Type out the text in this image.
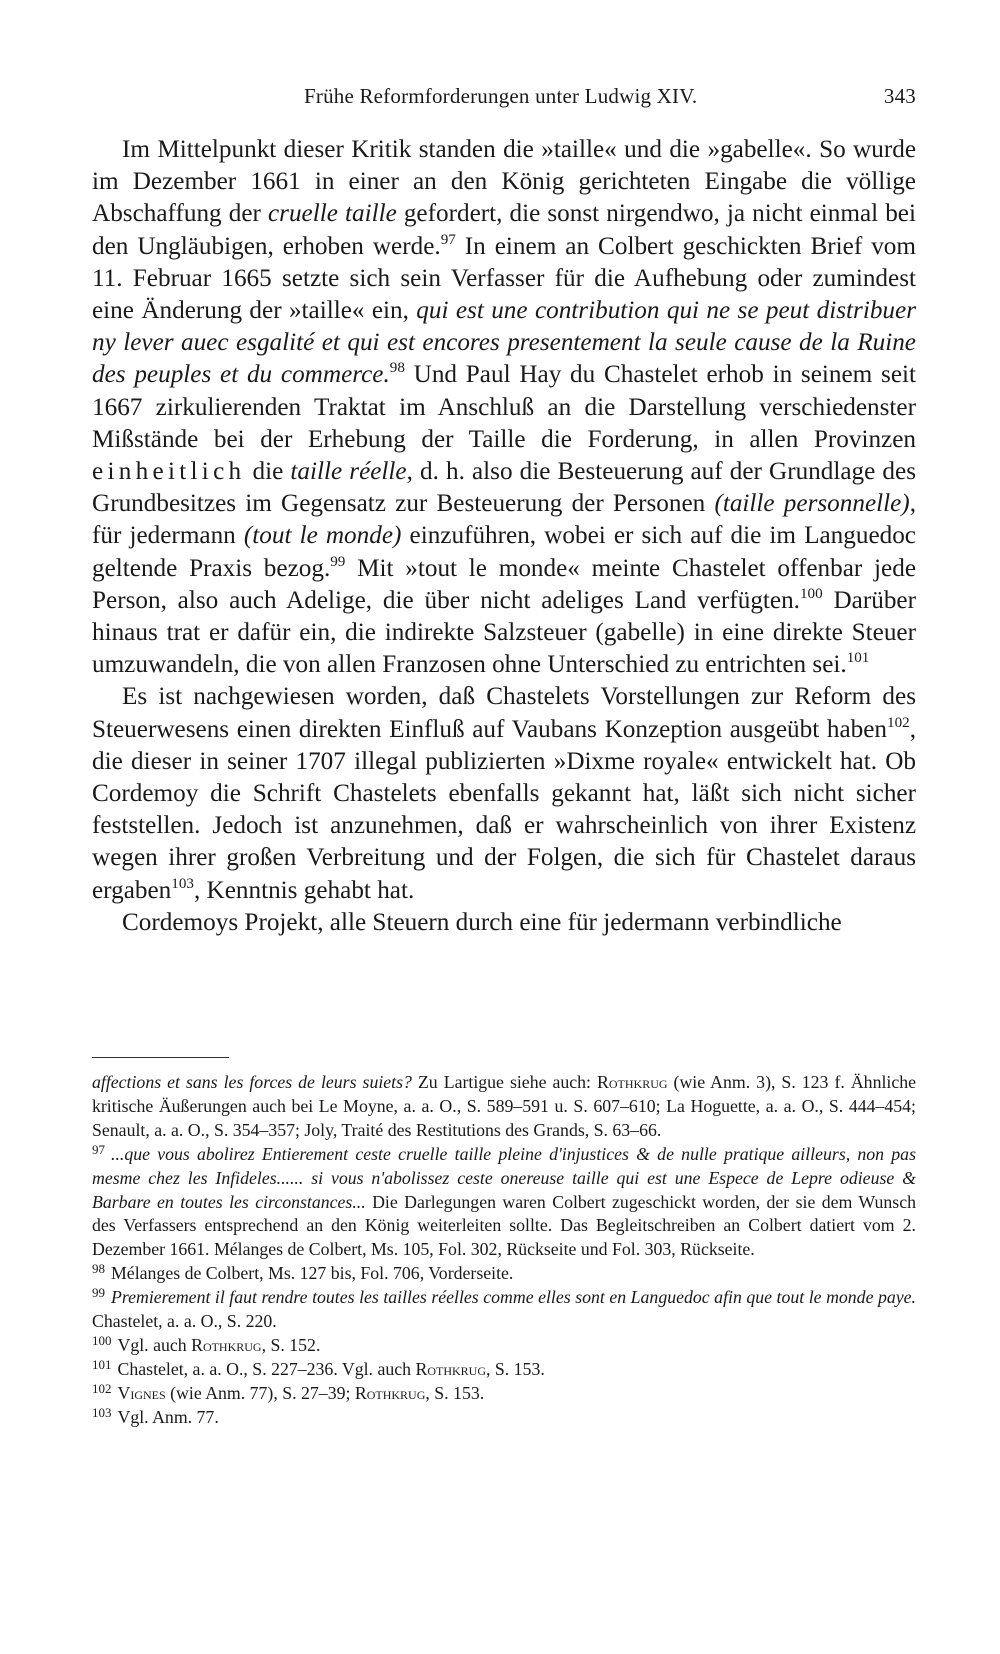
Frühe Reformforderungen unter Ludwig XIV.	343

Im Mittelpunkt dieser Kritik standen die »taille« und die »gabelle«. So wurde im Dezember 1661 in einer an den König gerichteten Eingabe die völlige Abschaffung der cruelle taille gefordert, die sonst nirgendwo, ja nicht einmal bei den Ungläubigen, erhoben werde.$^{97}$ In einem an Colbert geschickten Brief vom 11. Februar 1665 setzte sich sein Verfasser für die Aufhebung oder zumindest eine Änderung der »taille« ein, qui est une contribution qui ne se peut distribuer ny lever auec esgalité et qui est encores presentement la seule cause de la Ruine des peuples et du commerce.$^{98}$ Und Paul Hay du Chastelet erhob in seinem seit 1667 zirkulierenden Traktat im Anschluß an die Darstellung verschiedenster Mißstände bei der Erhebung der Taille die Forderung, in allen Provinzen einheitlich die taille réelle, d. h. also die Besteuerung auf der Grundlage des Grundbesitzes im Gegensatz zur Besteuerung der Personen (taille personnelle), für jedermann (tout le monde) einzuführen, wobei er sich auf die im Languedoc geltende Praxis bezog.$^{99}$ Mit »tout le monde« meinte Chastelet offenbar jede Person, also auch Adelige, die über nicht adeliges Land verfügten.$^{100}$ Darüber hinaus trat er dafür ein, die indirekte Salzsteuer (gabelle) in eine direkte Steuer umzuwandeln, die von allen Franzosen ohne Unterschied zu entrichten sei.$^{101}$

Es ist nachgewiesen worden, daß Chastelets Vorstellungen zur Reform des Steuerwesens einen direkten Einfluß auf Vaubans Konzeption ausgeübt haben$^{102}$, die dieser in seiner 1707 illegal publizierten »Dixme royale« entwickelt hat. Ob Cordemoy die Schrift Chastelets ebenfalls gekannt hat, läßt sich nicht sicher feststellen. Jedoch ist anzunehmen, daß er wahrscheinlich von ihrer Existenz wegen ihrer großen Verbreitung und der Folgen, die sich für Chastelet daraus ergaben$^{103}$, Kenntnis gehabt hat.

Cordemoys Projekt, alle Steuern durch eine für jedermann verbindliche

affections et sans les forces de leurs suiets? Zu Lartigue siehe auch: Rothkrug (wie Anm. 3), S. 123 f. Ähnliche kritische Äußerungen auch bei Le Moyne, a. a. O., S. 589–591 u. S. 607–610; La Hoguette, a. a. O., S. 444–454; Senault, a. a. O., S. 354–357; Joly, Traité des Restitutions des Grands, S. 63–66.

$^{97}$ ...que vous abolirez Entierement ceste cruelle taille pleine d'injustices & de nulle pratique ailleurs, non pas mesme chez les Infideles...... si vous n'abolissez ceste onereuse taille qui est une Espece de Lepre odieuse & Barbare en toutes les circonstances... Die Darlegungen waren Colbert zugeschickt worden, der sie dem Wunsch des Verfassers entsprechend an den König weiterleiten sollte. Das Begleitschreiben an Colbert datiert vom 2. Dezember 1661. Mélanges de Colbert, Ms. 105, Fol. 302, Rückseite und Fol. 303, Rückseite.

$^{98}$ Mélanges de Colbert, Ms. 127 bis, Fol. 706, Vorderseite.

$^{99}$ Premierement il faut rendre toutes les tailles réelles comme elles sont en Languedoc afin que tout le monde paye. Chastelet, a. a. O., S. 220.

$^{100}$ Vgl. auch Rothkrug, S. 152.

$^{101}$ Chastelet, a. a. O., S. 227–236. Vgl. auch Rothkrug, S. 153.

$^{102}$ Vignes (wie Anm. 77), S. 27–39; Rothkrug, S. 153.

$^{103}$ Vgl. Anm. 77.
